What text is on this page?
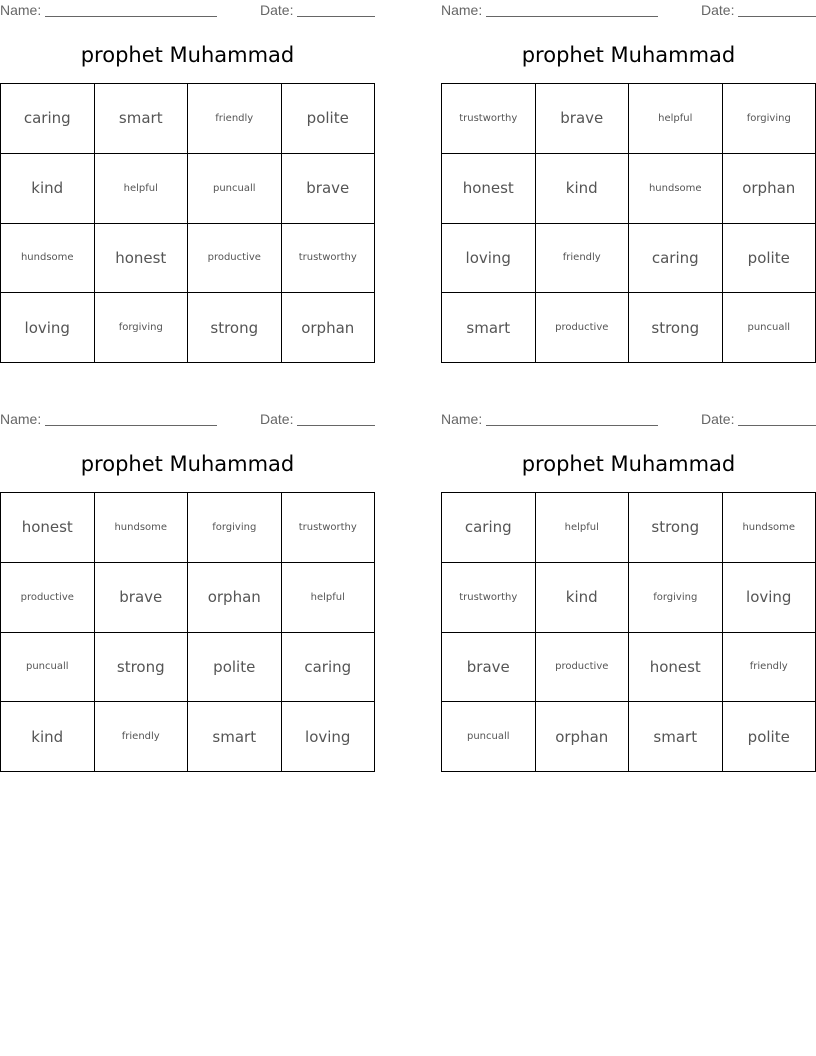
Name:	Date:
prophet Muhammad
caring	smart	friendly	polite
kind	helpful	puncuall	brave
hundsome	honest	productive	trustworthy
loving	forgiving	strong	orphan
Name:	Date:
prophet Muhammad
trustworthy	brave	helpful	forgiving
honest	kind	hundsome	orphan
loving	friendly	caring	polite
smart	productive	strong	puncuall
Name:	Date:
prophet Muhammad
honest	hundsome	forgiving	trustworthy
productive	brave	orphan	helpful
puncuall	strong	polite	caring
kind	friendly	smart	loving
Name:	Date:
prophet Muhammad
caring	helpful	strong	hundsome
trustworthy	kind	forgiving	loving
brave	productive	honest	friendly
puncuall	orphan	smart	polite
